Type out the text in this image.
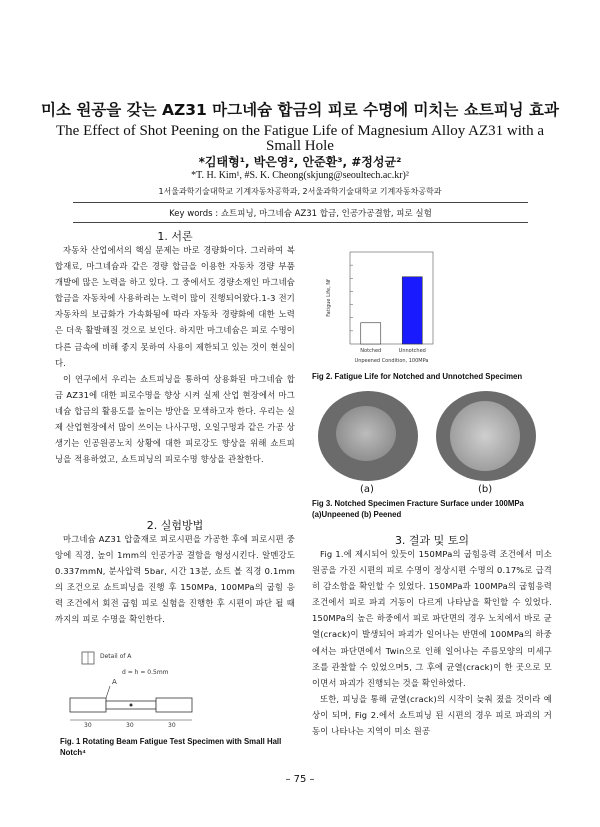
미소 원공을 갖는 AZ31 마그네슘 합금의 피로 수명에 미치는 쇼트피닝 효과
The Effect of Shot Peening on the Fatigue Life of Magnesium Alloy AZ31 with a Small Hole
*김태형¹, 박은영², 안준환³, #정성균²
*T. H. Kim¹, #S. K. Cheong(skjung@seoultech.ac.kr)²
1서울과학기술대학교 기계자동차공학과, 2서울과학기술대학교 기계자동차공학과
Key words : 쇼트피닝, 마그네슘 AZ31 합금, 인공가공결함, 피로 실험
1. 서론

자동차 산업에서의 핵심 문제는 바로 경량화이다. 그러하여 복합재료, 마그네슘과 같은 경량 합금을 이용한 자동차 경량 부품 개발에 많은 노력을 하고 있다. 그 중에서도 경량소재인 마그네슘 합금을 자동차에 사용하려는 노력이 많이 진행되어왔다.1-3 전기자동차의 보급화가 가속화됨에 따라 자동차 경량화에 대한 노력은 더욱 활발해질 것으로 보인다. 하지만 마그네슘은 피로 수명이 다른 금속에 비해 좋지 못하여 사용이 제한되고 있는 것이 현실이다.

이 연구에서 우리는 쇼트피닝을 통하여 상용화된 마그네슘 합금 AZ31에 대한 피로수명을 향상 시켜 실제 산업 현장에서 마그네슘 합금의 활용도를 높이는 방안을 모색하고자 한다. 우리는 실제 산업현장에서 많이 쓰이는 나사구멍, 오일구멍과 같은 가공 상 생기는 인공원공노치 상황에 대한 피로강도 향상을 위해 쇼트피닝을 적용하였고, 쇼트피닝의 피로수명 향상을 관찰한다.

2. 실험방법

마그네슘 AZ31 압출재로 피로시편을 가공한 후에 피로시편 중앙에 직경, 높이 1mm의 인공가공 결함을 형성시킨다. 알멘강도 0.337mmN, 분사압력 5bar, 시간 13분, 쇼트 볼 직경 0.1mm 의 조건으로 쇼트피닝을 진행 후 150MPa, 100MPa의 굽힘 응력 조건에서 회전 굽힘 피로 실험을 진행한 후 시편이 파단 될 때까지의 피로 수명을 확인한다.

Detail of A
d = h = 0.5mm
A
30	30	30
Fig. 1 Rotating Beam Fatigue Test Specimen with Small Hall Notch⁴
Notched	Unnotched
Unpeened Condition, 100MPa
Fatigue Life, Nf
Fig 2. Fatigue Life for Notched and Unnotched Specimen
(a)	(b)
Fig 3. Notched Specimen Fracture Surface under 100MPa (a)Unpeened (b) Peened
3. 결과 및 토의

Fig 1.에 제시되어 있듯이 150MPa의 굽힘응력 조건에서 미소 원공을 가진 시편의 피로 수명이 정상시편 수명의 0.17%로 급격히 감소함을 확인할 수 있었다. 150MPa과 100MPa의 굽힘응력 조건에서 피로 파괴 거동이 다르게 나타남을 확인할 수 있었다. 150MPa의 높은 하중에서 피로 파단면의 경우 노치에서 바로 균열(crack)이 발생되어 파괴가 일어나는 반면에 100MPa의 하중에서는 파단면에서 Twin으로 인해 일어나는 주름모양의 미세구조를 관찰할 수 있었으며5, 그 후에 균열(crack)이 한 곳으로 모이면서 파괴가 진행되는 것을 확인하였다.

또한, 피닝을 통해 균열(crack)의 시작이 늦춰 졌을 것이라 예상이 되며, Fig 2.에서 쇼트피닝 된 시편의 경우 피로 파괴의 거동이 나타나는 지역이 미소 원공

– 75 –
